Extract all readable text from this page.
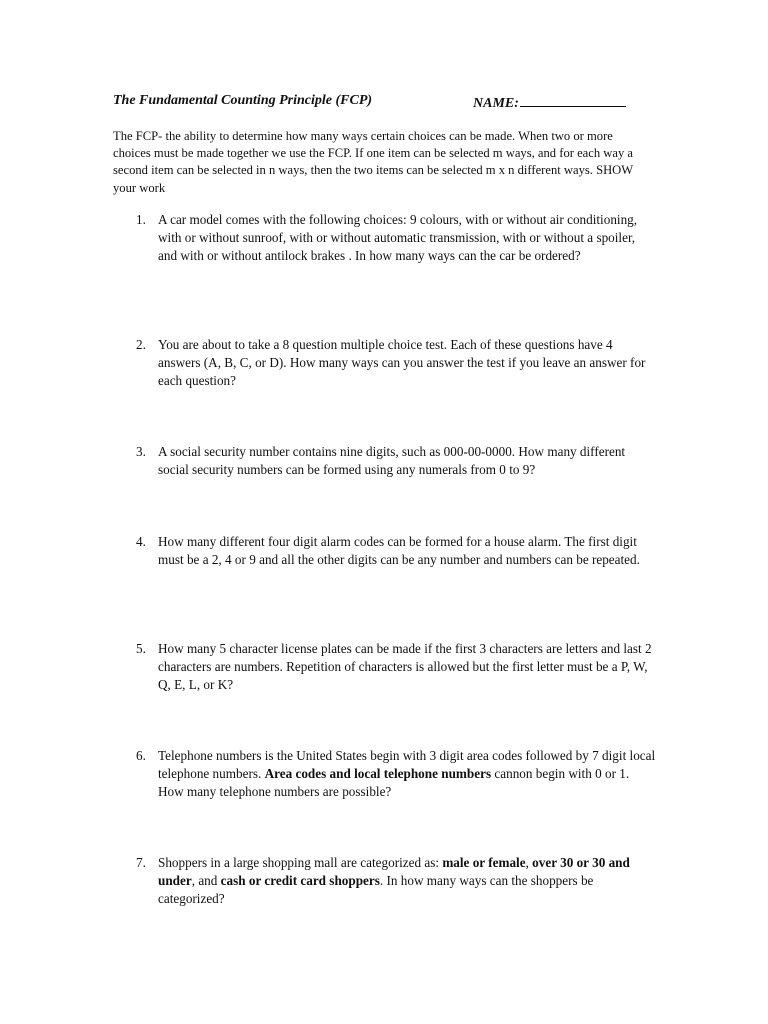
The Fundamental Counting Principle (FCP)	NAME:

The FCP- the ability to determine how many ways certain choices can be made. When two or more choices must be made together we use the FCP. If one item can be selected m ways, and for each way a second item can be selected in n ways, then the two items can be selected m x n different ways. SHOW your work

1. A car model comes with the following choices: 9 colours, with or without air conditioning, with or without sunroof, with or without automatic transmission, with or without a spoiler, and with or without antilock brakes . In how many ways can the car be ordered?
2. You are about to take a 8 question multiple choice test. Each of these questions have 4 answers (A, B, C, or D). How many ways can you answer the test if you leave an answer for each question?
3. A social security number contains nine digits, such as 000-00-0000. How many different social security numbers can be formed using any numerals from 0 to 9?
4. How many different four digit alarm codes can be formed for a house alarm. The first digit must be a 2, 4 or 9 and all the other digits can be any number and numbers can be repeated.
5. How many 5 character license plates can be made if the first 3 characters are letters and last 2 characters are numbers. Repetition of characters is allowed but the first letter must be a P, W, Q, E, L, or K?
6. Telephone numbers is the United States begin with 3 digit area codes followed by 7 digit local telephone numbers. Area codes and local telephone numbers cannon begin with 0 or 1. How many telephone numbers are possible?
7. Shoppers in a large shopping mall are categorized as: male or female, over 30 or 30 and under, and cash or credit card shoppers. In how many ways can the shoppers be categorized?
